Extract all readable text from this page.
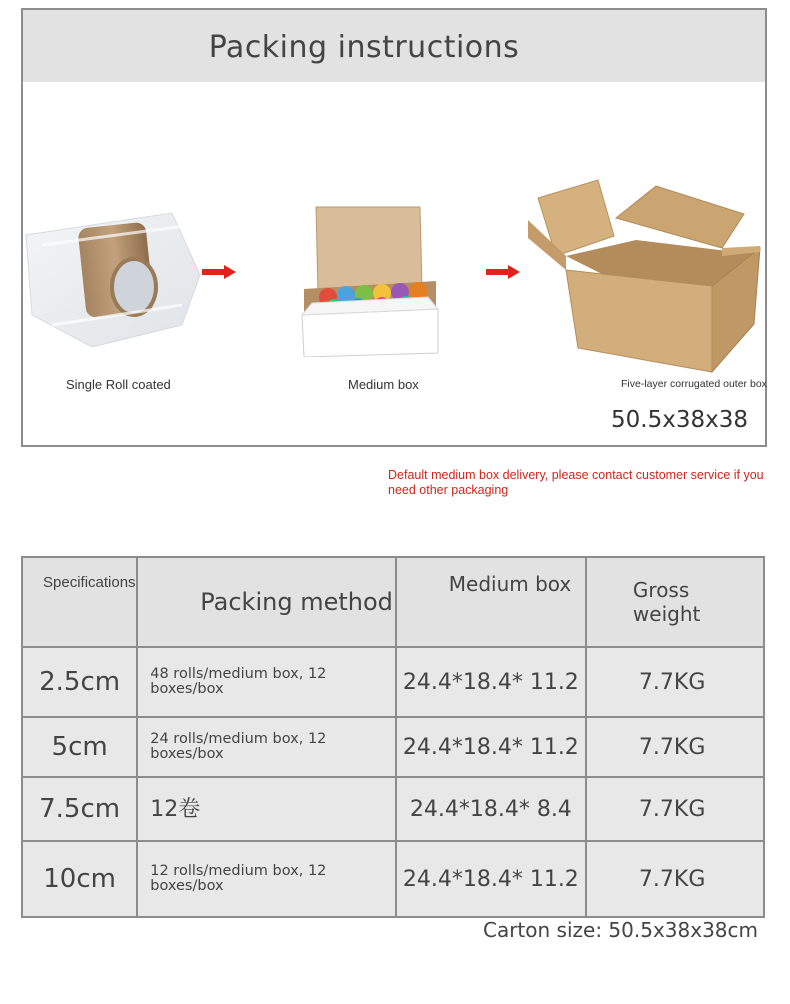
Packing instructions
Single Roll coated	Medium box	Five-layer corrugated outer box
50.5x38x38
Default medium box delivery, please contact customer service if you need other packaging
Specifications	Packing method	Medium box	Gross weight
2.5cm	48 rolls/medium box, 12 boxes/box	24.4*18.4* 11.2	7.7KG
5cm	24 rolls/medium box, 12 boxes/box	24.4*18.4* 11.2	7.7KG
7.5cm	12卷	24.4*18.4* 8.4	7.7KG
10cm	12 rolls/medium box, 12 boxes/box	24.4*18.4* 11.2	7.7KG
Carton size: 50.5x38x38cm
